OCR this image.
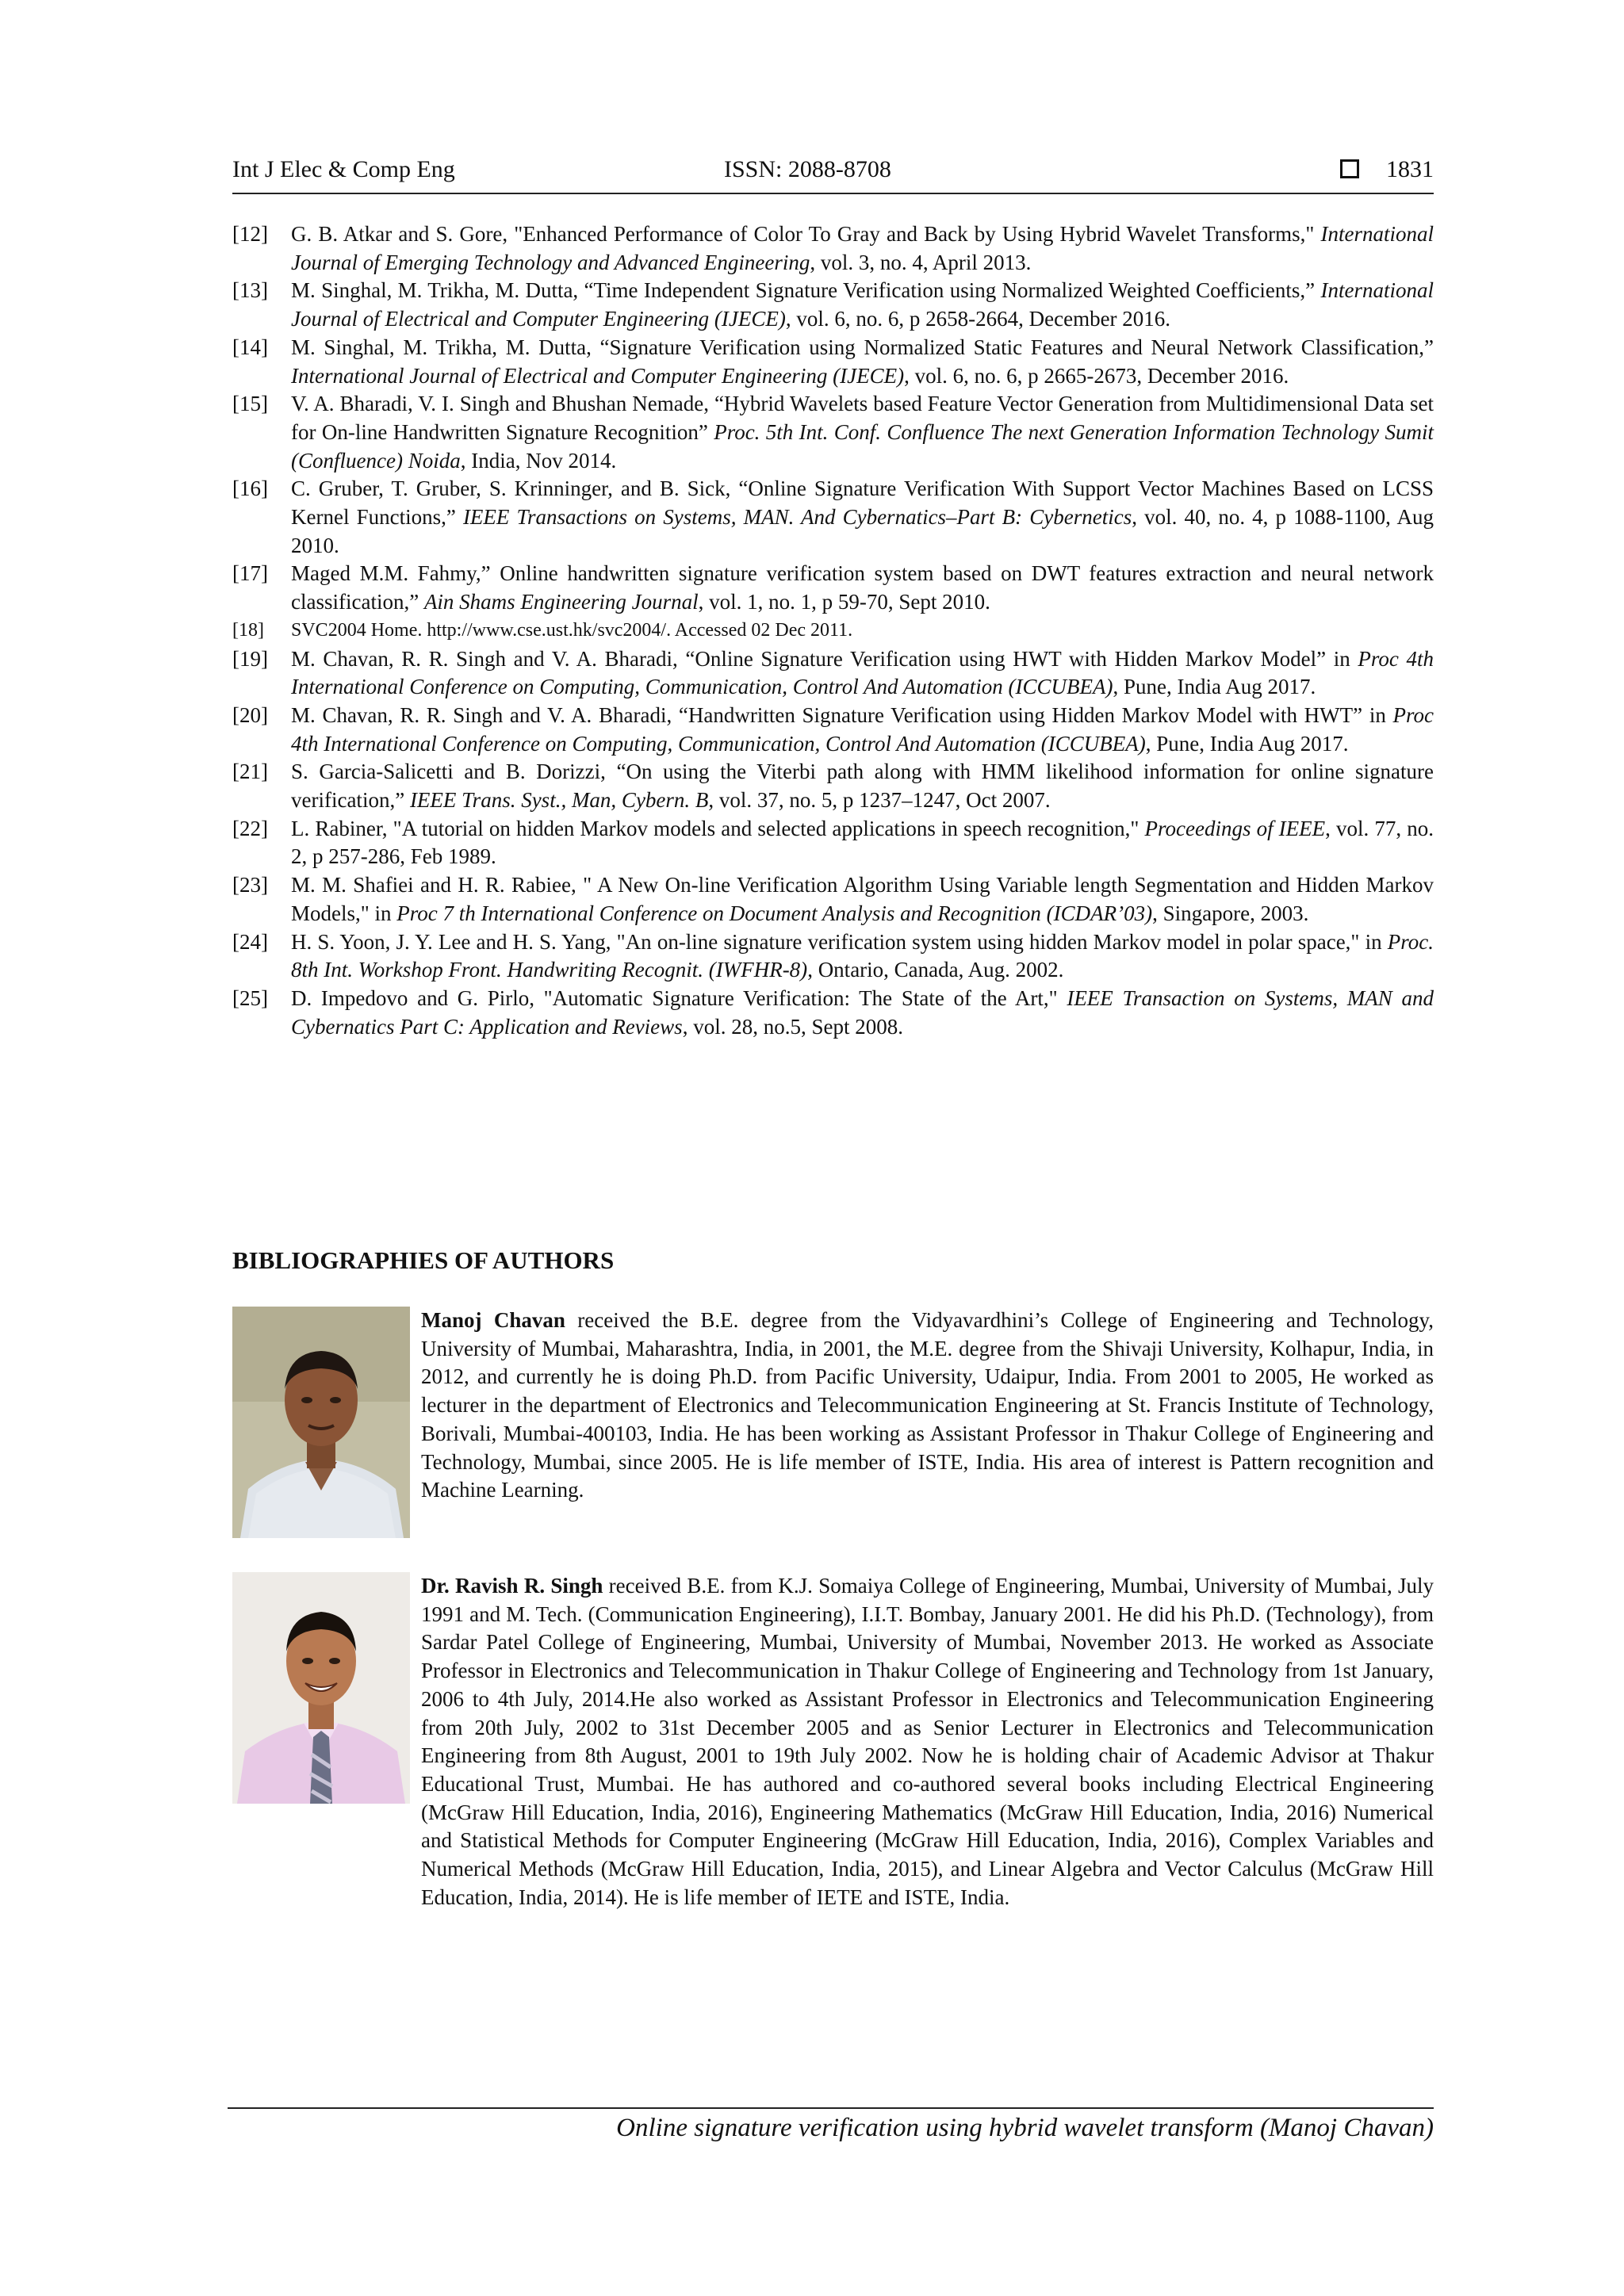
Int J Elec & Comp Eng	ISSN: 2088-8708	1831
[12] G. B. Atkar and S. Gore, "Enhanced Performance of Color To Gray and Back by Using Hybrid Wavelet Transforms," International Journal of Emerging Technology and Advanced Engineering, vol. 3, no. 4, April 2013.
[13] M. Singhal, M. Trikha, M. Dutta, “Time Independent Signature Verification using Normalized Weighted Coefficients,” International Journal of Electrical and Computer Engineering (IJECE), vol. 6, no. 6, p 2658-2664, December 2016.
[14] M. Singhal, M. Trikha, M. Dutta, “Signature Verification using Normalized Static Features and Neural Network Classification,” International Journal of Electrical and Computer Engineering (IJECE), vol. 6, no. 6, p 2665-2673, December 2016.
[15] V. A. Bharadi, V. I. Singh and Bhushan Nemade, “Hybrid Wavelets based Feature Vector Generation from Multidimensional Data set for On-line Handwritten Signature Recognition” Proc. 5th Int. Conf. Confluence The next Generation Information Technology Sumit (Confluence) Noida, India, Nov 2014.
[16] C. Gruber, T. Gruber, S. Krinninger, and B. Sick, “Online Signature Verification With Support Vector Machines Based on LCSS Kernel Functions,” IEEE Transactions on Systems, MAN. And Cybernatics–Part B: Cybernetics, vol. 40, no. 4, p 1088-1100, Aug 2010.
[17] Maged M.M. Fahmy,” Online handwritten signature verification system based on DWT features extraction and neural network classification,” Ain Shams Engineering Journal, vol. 1, no. 1, p 59-70, Sept 2010.
[18] SVC2004 Home. http://www.cse.ust.hk/svc2004/. Accessed 02 Dec 2011.
[19] M. Chavan, R. R. Singh and V. A. Bharadi, “Online Signature Verification using HWT with Hidden Markov Model” in Proc 4th International Conference on Computing, Communication, Control And Automation (ICCUBEA), Pune, India Aug 2017.
[20] M. Chavan, R. R. Singh and V. A. Bharadi, “Handwritten Signature Verification using Hidden Markov Model with HWT” in Proc 4th International Conference on Computing, Communication, Control And Automation (ICCUBEA), Pune, India Aug 2017.
[21] S. Garcia-Salicetti and B. Dorizzi, “On using the Viterbi path along with HMM likelihood information for online signature verification,” IEEE Trans. Syst., Man, Cybern. B, vol. 37, no. 5, p 1237–1247, Oct 2007.
[22] L. Rabiner, "A tutorial on hidden Markov models and selected applications in speech recognition," Proceedings of IEEE, vol. 77, no. 2, p 257-286, Feb 1989.
[23] M. M. Shafiei and H. R. Rabiee, " A New On-line Verification Algorithm Using Variable length Segmentation and Hidden Markov Models," in Proc 7 th International Conference on Document Analysis and Recognition (ICDAR’03), Singapore, 2003.
[24] H. S. Yoon, J. Y. Lee and H. S. Yang, "An on-line signature verification system using hidden Markov model in polar space," in Proc. 8th Int. Workshop Front. Handwriting Recognit. (IWFHR-8), Ontario, Canada, Aug. 2002.
[25] D. Impedovo and G. Pirlo, "Automatic Signature Verification: The State of the Art," IEEE Transaction on Systems, MAN and Cybernatics Part C: Application and Reviews, vol. 28, no.5, Sept 2008.
BIBLIOGRAPHIES OF AUTHORS
Manoj Chavan received the B.E. degree from the Vidyavardhini’s College of Engineering and Technology, University of Mumbai, Maharashtra, India, in 2001, the M.E. degree from the Shivaji University, Kolhapur, India, in 2012, and currently he is doing Ph.D. from Pacific University, Udaipur, India. From 2001 to 2005, He worked as lecturer in the department of Electronics and Telecommunication Engineering at St. Francis Institute of Technology, Borivali, Mumbai-400103, India. He has been working as Assistant Professor in Thakur College of Engineering and Technology, Mumbai, since 2005. He is life member of ISTE, India. His area of interest is Pattern recognition and Machine Learning.
Dr. Ravish R. Singh received B.E. from K.J. Somaiya College of Engineering, Mumbai, University of Mumbai, July 1991 and M. Tech. (Communication Engineering), I.I.T. Bombay, January 2001. He did his Ph.D. (Technology), from Sardar Patel College of Engineering, Mumbai, University of Mumbai, November 2013. He worked as Associate Professor in Electronics and Telecommunication in Thakur College of Engineering and Technology from 1st January, 2006 to 4th July, 2014.He also worked as Assistant Professor in Electronics and Telecommunication Engineering from 20th July, 2002 to 31st December 2005 and as Senior Lecturer in Electronics and Telecommunication Engineering from 8th August, 2001 to 19th July 2002. Now he is holding chair of Academic Advisor at Thakur Educational Trust, Mumbai. He has authored and co-authored several books including Electrical Engineering (McGraw Hill Education, India, 2016), Engineering Mathematics (McGraw Hill Education, India, 2016) Numerical and Statistical Methods for Computer Engineering (McGraw Hill Education, India, 2016), Complex Variables and Numerical Methods (McGraw Hill Education, India, 2015), and Linear Algebra and Vector Calculus (McGraw Hill Education, India, 2014). He is life member of IETE and ISTE, India.
Online signature verification using hybrid wavelet transform (Manoj Chavan)
